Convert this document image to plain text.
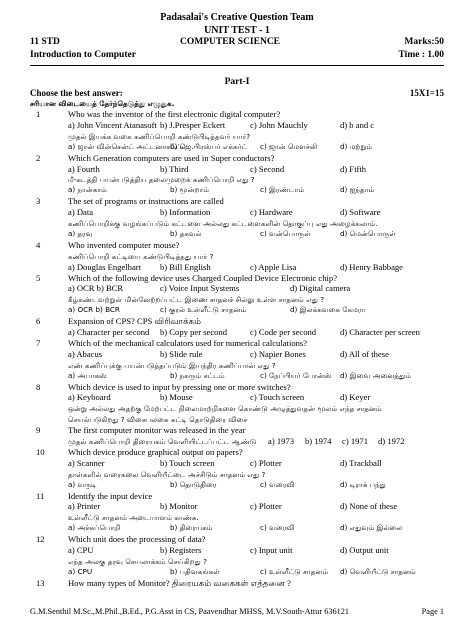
Padasalai's Creative Question Team
UNIT TEST - 1
11 STD	COMPUTER SCIENCE	Marks:50
Introduction to Computer	Time : 1.00
Part-I
Choose the best answer:
சரியான விடையைத் தேர்ந்தெடுத்து எழுதுக.
15X1=15
1	Who was the inventor of the first electronic digital computer?
a) John Vincent Atanasoft b) J.Presper Eckert	c) John Mauchly	d) b and c
முதல் இயக்க வகை கணிப்பொறி கண்டுபிடித்தவர் யார்?
a) ஜான் வின்சென்ட் அட்டனாசஃப்ட்
b) ஜெ.பிரஸ்பர் எக்கர்ட் c) ஜான் மௌச்லி	d) மற்றும்
2	Which Generation computers are used in Super conductors?
a) Fourth	b) Third	c) Second	d) Fifth
மீ-கடத்தி பயன்படுத்திய தலைமுறைக் கணிப்பொறி எது ?
a) நான்காம்	b) மூன்றாம்	c) இரண்டாம்	d) ஐந்தாம்
3	The set of programs or instructions are called
a) Data	b) Information	c) Hardware	d) Software
கணிப்பொறிக்கு வழங்கப்படும் கட்டளை அல்லது கட்டளைகளின் தொகுப்பு எது அழைக்கலாம்.
a) தரவு	b) தகவல்	c) வன்பொருள்	d) மென்பொருள்
4	Who invented computer mouse?
கணிப்பொறி சுட்டியை கண்டுபிடித்தது யார் ?
a) Douglas Engelbart b) Bill English	c) Apple Lisa	d) Henry Babbage
5	Which of the following device uses Charged Coupled Device Electronic chip?
a) OCR b) BCR	c) Voice Input Systems	d) Digital camera
கீழ்கண்டவற்றுள் மின்னேற்றப்பட்ட இணை சாதனச் சில்லு உள்ள சாதனம் எது ?
a) OCR b) BCR	c) குரல் உள்ளீட்டு சாதனம்	d) இலக்கவகை கேமரா
6	Expansion of CPS? CPS விரிவாக்கம்
a) Character per second b) Copy per second	c) Code per second	d) Character per screen
7	Which of the mechanical calculators used for numerical calculations?
a) Abacus	b) Slide rule	c) Napier Bones	d) All of these
எண் கணிப்புக்கு பயன்படுத்தப்படும் இயந்திர கணிப்பான் எது ?
a) அபாகஸ்	b) நகரும் சட்டம்	c) நேப்பியர் போன்ஸ் d) இவை அனைத்தும்
8	Which device is used to input by pressing one or more switches?
a) Keyboard	b) Mouse	c) Touch screen	d) Keyer
ஒன்று அல்லது அதற்கு மேற்பட்ட நிலைமாற்றிகளை கொண்டு அழுத்துவதன் மூலம் எந்த சாதனம்
செயல்படுகிறது ? விசைபலகை சுட்டி தொடுதிரை விசை
9	The first computer monitor was released in the year
முதல் கணிப்பொறி திரையகம் வெளியிட்டப்பட்ட ஆண்டு a) 1973 b) 1974 c) 1971 d) 1972
10	Which device produce graphical output on papers?
a) Scanner	b) Touch screen	c) Plotter	d) Trackball
தாள்களில் வரைகலை வெளியீட்டை அச்சிடும் சாதனம் எது ?
a) வருடி	b) தொடுதிரை	c) வரைவி	d) டிராக் பந்து
11	Identify the input device
a) Printer	b) Monitor	c) Plotter	d) None of these
உள்ளீட்டு சாதனம் அடையாளம் காண்க.
a) அச்சுப்பொறி	b) திரையகம்	c) வரைவி	d) எதுவும் இல்லை
12	Which unit does the processing of data?
a) CPU	b) Registers	c) Input unit	d) Output unit
எந்த அலகு தரவு செயலாக்கம் செய்கிறது ?
a) CPU	b) பதிவகங்கள்	c) உள்ளீட்டு சாதனம் d) வெளியீட்டு சாதனம்
13	How many types of Monitor? திரையகம் வகைகள் எத்தனை ?
G.M.Senthil M.Sc.,M.Phil.,B.Ed., P.G.Asst in CS, Paavendhar MHSS, M.V.South-Attur 636121	Page 1
